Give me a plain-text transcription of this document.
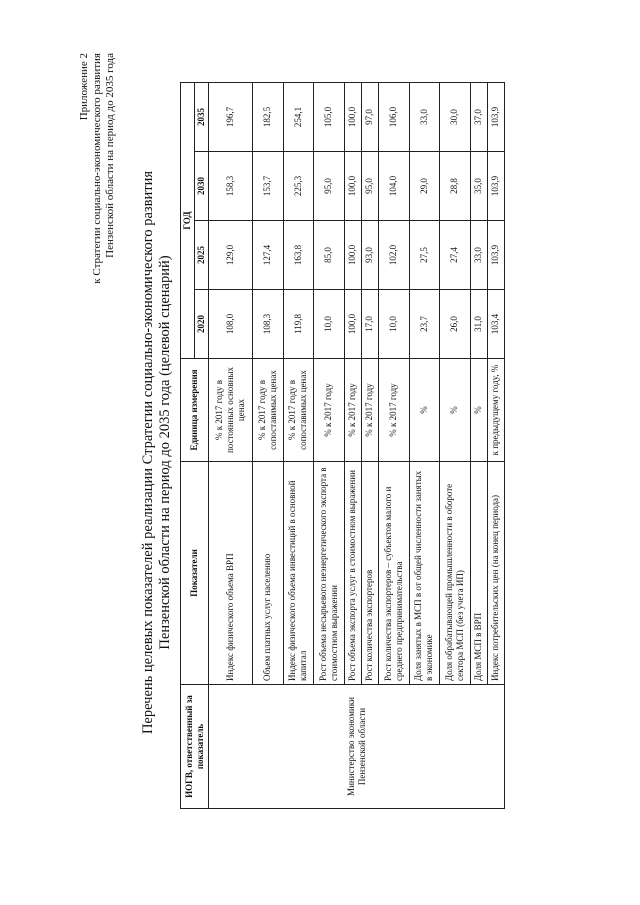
Приложение 2 к Стратегии социально-экономического развития Пензенской области на период до 2035 года
Перечень целевых показателей реализации Стратегии социально-экономического развития Пензенской области на период до 2035 года (целевой сценарий)
ИОГВ, ответственный за показатель	Показатели	Единица измерения	ГОД			
			2020	2025	2030	2035
Министерство экономики Пензенской области	Индекс физического объема ВРП	% к 2017 году в постоянных основных ценах	108,0	129,0	158,3	196,7
	Объем платных услуг населению	% к 2017 году в сопоставимых ценах	108,3	127,4	153,7	182,5
	Индекс физического объема инвестиций в основной капитал	% к 2017 году в сопоставимых ценах	119,8	163,8	225,3	254,1
	Рост объема несырьевого неэнергетического экспорта в стоимостном выражении	% к 2017 году	10,0	85,0	95,0	105,0
	Рост объема экспорта услуг в стоимостном выражении	% к 2017 году	100,0	100,0	100,0	100,0
	Рост количества экспортеров	% к 2017 году	17,0	93,0	95,0	97,0
	Рост количества экспортеров – субъектов малого и среднего предпринимательства	% к 2017 году	10,0	102,0	104,0	106,0
	Доля занятых в МСП в от общей численности занятых в экономике	%	23,7	27,5	29,0	33,0
	Доля обрабатывающей промышленности в обороте сектора МСП (без учета ИП)	%	26,0	27,4	28,8	30,0
	Доля МСП в ВРП	%	31,0	33,0	35,0	37,0
	Индекс потребительских цен (на конец периода)	к предыдущему году, %	103,4	103,9	103,9	103,9
